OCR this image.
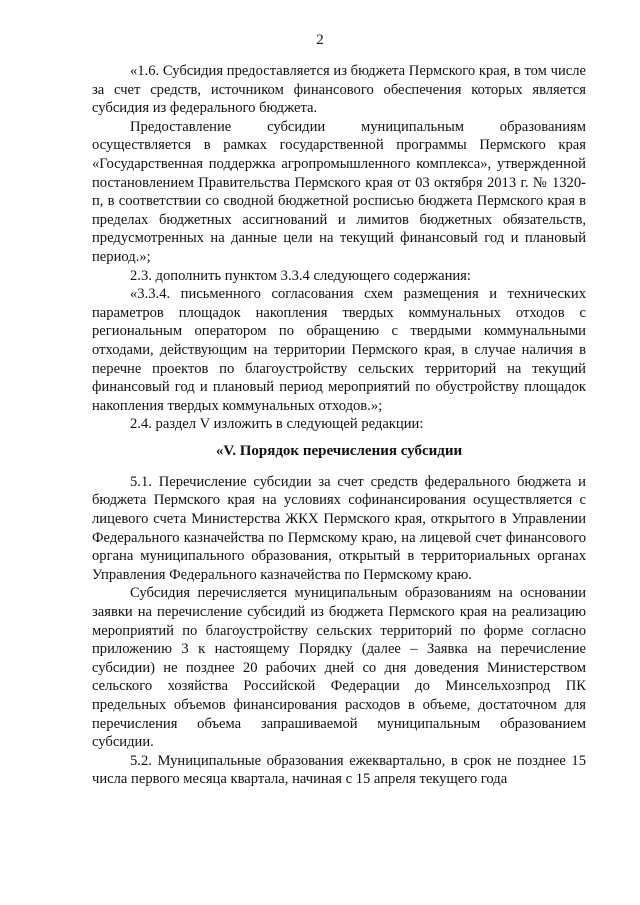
2

«1.6. Субсидия предоставляется из бюджета Пермского края, в том числе за счет средств, источником финансового обеспечения которых является субсидия из федерального бюджета.

Предоставление субсидии муниципальным образованиям осуществляется в рамках государственной программы Пермского края «Государственная поддержка агропромышленного комплекса», утвержденной постановлением Правительства Пермского края от 03 октября 2013 г. № 1320-п, в соответствии со сводной бюджетной росписью бюджета Пермского края в пределах бюджетных ассигнований и лимитов бюджетных обязательств, предусмотренных на данные цели на текущий финансовый год и плановый период.»;

2.3. дополнить пунктом 3.3.4 следующего содержания:

«3.3.4. письменного согласования схем размещения и технических параметров площадок накопления твердых коммунальных отходов с региональным оператором по обращению с твердыми коммунальными отходами, действующим на территории Пермского края, в случае наличия в перечне проектов по благоустройству сельских территорий на текущий финансовый год и плановый период мероприятий по обустройству площадок накопления твердых коммунальных отходов.»;

2.4. раздел V изложить в следующей редакции:

«V. Порядок перечисления субсидии

5.1. Перечисление субсидии за счет средств федерального бюджета и бюджета Пермского края на условиях софинансирования осуществляется с лицевого счета Министерства ЖКХ Пермского края, открытого в Управлении Федерального казначейства по Пермскому краю, на лицевой счет финансового органа муниципального образования, открытый в территориальных органах Управления Федерального казначейства по Пермскому краю.

Субсидия перечисляется муниципальным образованиям на основании заявки на перечисление субсидий из бюджета Пермского края на реализацию мероприятий по благоустройству сельских территорий по форме согласно приложению 3 к настоящему Порядку (далее – Заявка на перечисление субсидии) не позднее 20 рабочих дней со дня доведения Министерством сельского хозяйства Российской Федерации до Минсельхозпрод ПК предельных объемов финансирования расходов в объеме, достаточном для перечисления объема запрашиваемой муниципальным образованием субсидии.

5.2. Муниципальные образования ежеквартально, в срок не позднее 15 числа первого месяца квартала, начиная с 15 апреля текущего года
